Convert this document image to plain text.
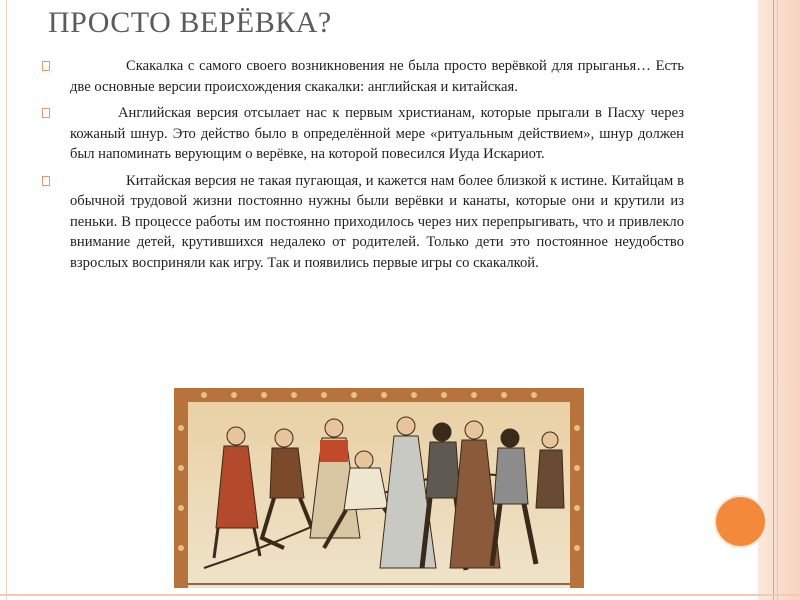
ПРОСТО ВЕРЁВКА?

Скакалка с самого своего возникновения не была просто верёвкой для прыганья… Есть две основные версии происхождения скакалки: английская и китайская.

Английская версия отсылает нас к первым христианам, которые прыгали в Пасху через кожаный шнур. Это действо было в определённой мере «ритуальным действием», шнур должен был напоминать верующим о верёвке, на которой повесился Иуда Искариот.

Китайская версия не такая пугающая, и кажется нам более близкой к истине. Китайцам в обычной трудовой жизни постоянно нужны были верёвки и канаты, которые они и крутили из пеньки. В процессе работы им постоянно приходилось через них перепрыгивать, что и привлекло внимание детей, крутившихся недалеко от родителей. Только дети это постоянное неудобство взрослых восприняли как игру. Так и появились первые игры со скакалкой.
